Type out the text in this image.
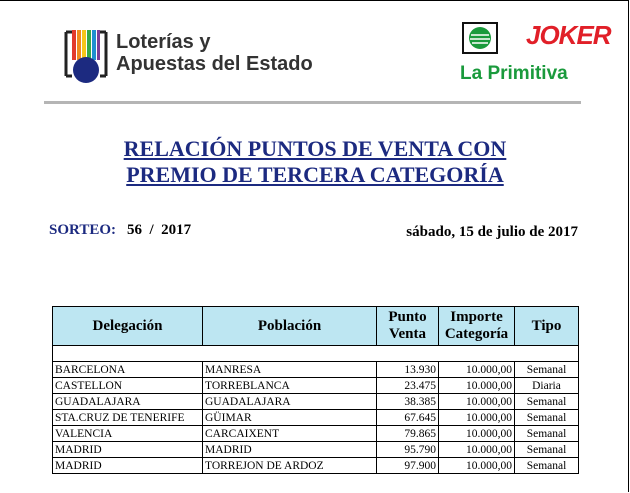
Loterías y
Apuestas del Estado
JOKER
La Primitiva
RELACIÓN PUNTOS DE VENTA CON
PREMIO DE TERCERA CATEGORÍA
SORTEO: 56  /  2017	sábado, 15 de julio de 2017
Delegación	Población	Punto Venta	Importe Categoría	Tipo

BARCELONA	MANRESA	13.930	10.000,00	Semanal
CASTELLON	TORREBLANCA	23.475	10.000,00	Diaria
GUADALAJARA	GUADALAJARA	38.385	10.000,00	Semanal
STA.CRUZ DE TENERIFE	GÜIMAR	67.645	10.000,00	Semanal
VALENCIA	CARCAIXENT	79.865	10.000,00	Semanal
MADRID	MADRID	95.790	10.000,00	Semanal
MADRID	TORREJON DE ARDOZ	97.900	10.000,00	Semanal
